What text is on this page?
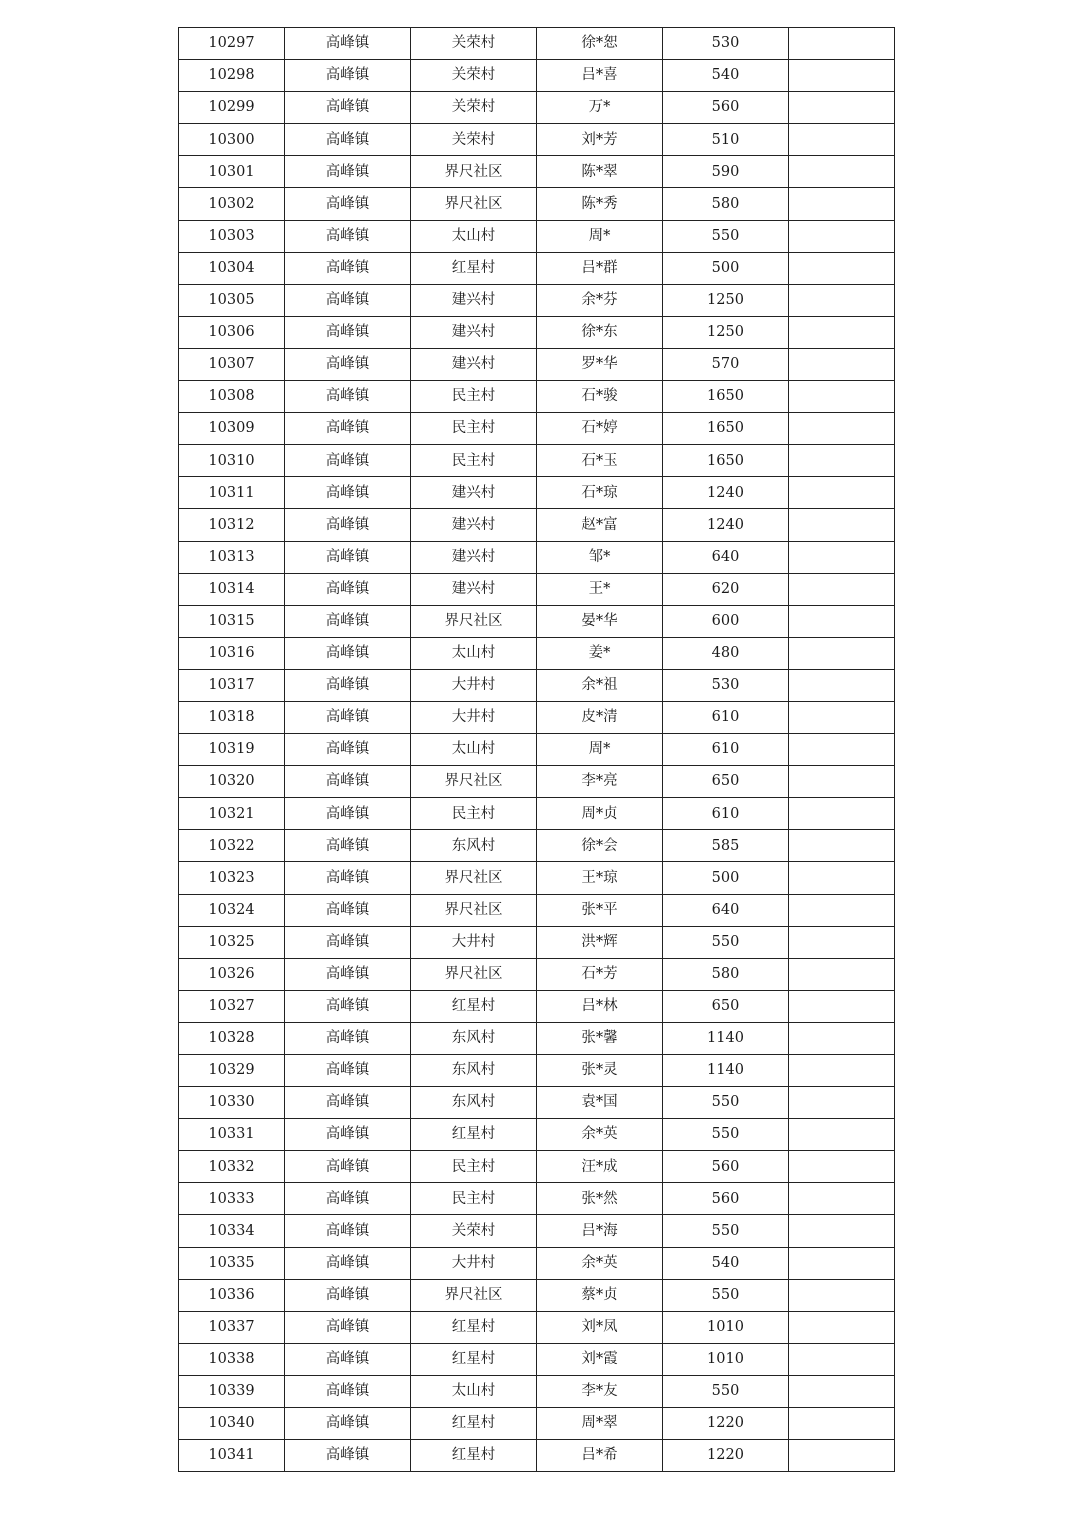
10297	高峰镇	关荣村	徐*恕	530	
10298	高峰镇	关荣村	吕*喜	540	
10299	高峰镇	关荣村	万*	560	
10300	高峰镇	关荣村	刘*芳	510	
10301	高峰镇	界尺社区	陈*翠	590	
10302	高峰镇	界尺社区	陈*秀	580	
10303	高峰镇	太山村	周*	550	
10304	高峰镇	红星村	吕*群	500	
10305	高峰镇	建兴村	余*芬	1250	
10306	高峰镇	建兴村	徐*东	1250	
10307	高峰镇	建兴村	罗*华	570	
10308	高峰镇	民主村	石*骏	1650	
10309	高峰镇	民主村	石*婷	1650	
10310	高峰镇	民主村	石*玉	1650	
10311	高峰镇	建兴村	石*琼	1240	
10312	高峰镇	建兴村	赵*富	1240	
10313	高峰镇	建兴村	邹*	640	
10314	高峰镇	建兴村	王*	620	
10315	高峰镇	界尺社区	晏*华	600	
10316	高峰镇	太山村	姜*	480	
10317	高峰镇	大井村	余*祖	530	
10318	高峰镇	大井村	皮*清	610	
10319	高峰镇	太山村	周*	610	
10320	高峰镇	界尺社区	李*亮	650	
10321	高峰镇	民主村	周*贞	610	
10322	高峰镇	东风村	徐*会	585	
10323	高峰镇	界尺社区	王*琼	500	
10324	高峰镇	界尺社区	张*平	640	
10325	高峰镇	大井村	洪*辉	550	
10326	高峰镇	界尺社区	石*芳	580	
10327	高峰镇	红星村	吕*林	650	
10328	高峰镇	东风村	张*馨	1140	
10329	高峰镇	东风村	张*灵	1140	
10330	高峰镇	东风村	袁*国	550	
10331	高峰镇	红星村	余*英	550	
10332	高峰镇	民主村	汪*成	560	
10333	高峰镇	民主村	张*然	560	
10334	高峰镇	关荣村	吕*海	550	
10335	高峰镇	大井村	余*英	540	
10336	高峰镇	界尺社区	蔡*贞	550	
10337	高峰镇	红星村	刘*凤	1010	
10338	高峰镇	红星村	刘*霞	1010	
10339	高峰镇	太山村	李*友	550	
10340	高峰镇	红星村	周*翠	1220	
10341	高峰镇	红星村	吕*希	1220	
